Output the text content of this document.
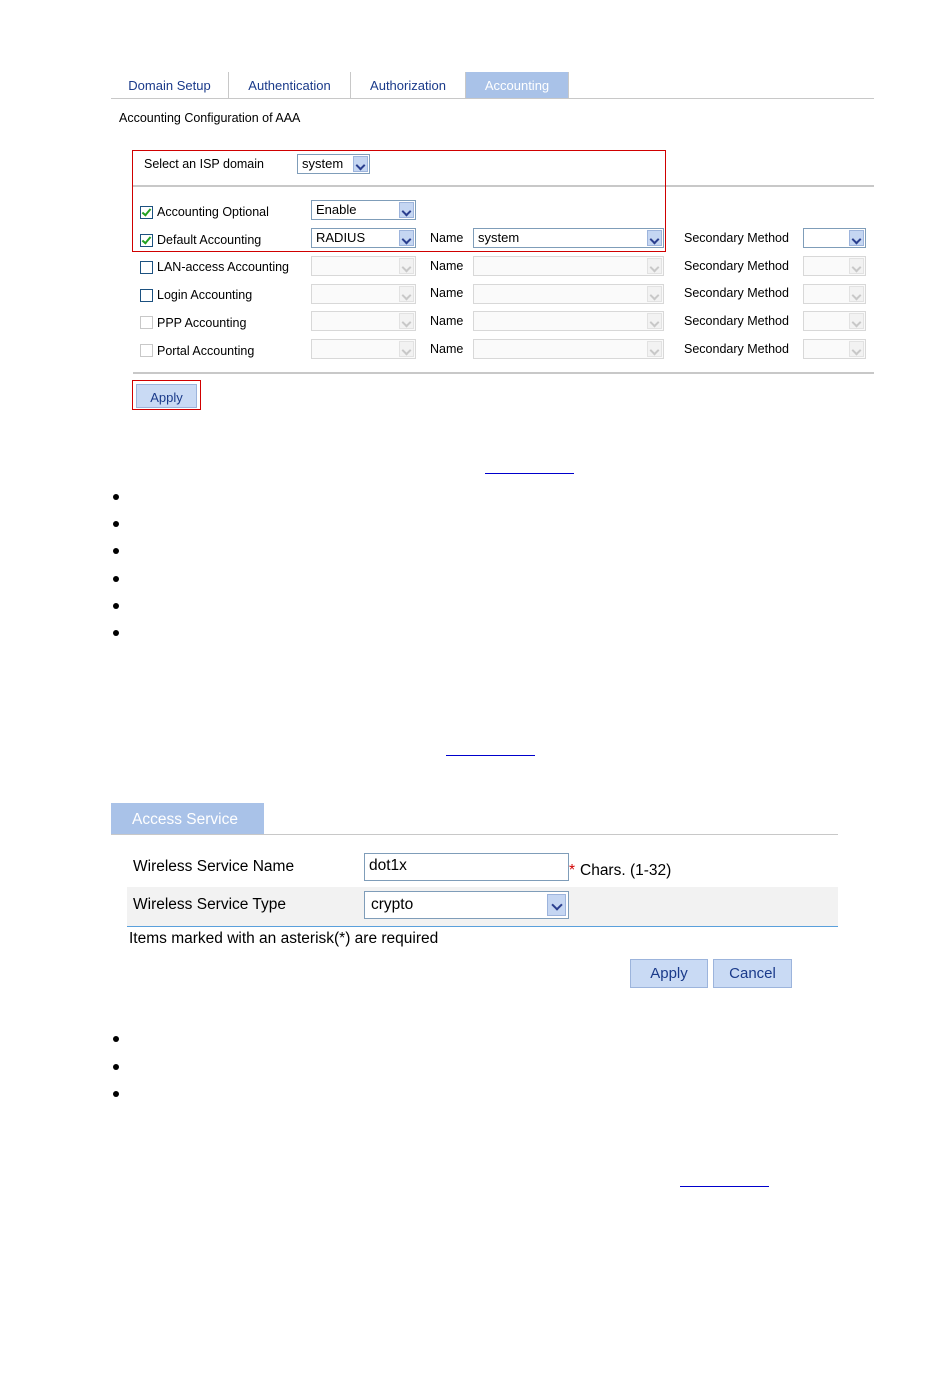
Domain Setup	Authentication	Authorization	Accounting
Accounting Configuration of AAA
Select an ISP domain	system
Accounting Optional	Enable
Default Accounting	RADIUS	Name	system	Secondary Method
LAN-access Accounting	Name	Secondary Method
Login Accounting	Name	Secondary Method
PPP Accounting	Name	Secondary Method
Portal Accounting	Name	Secondary Method
Apply
Access Service
Wireless Service Name	dot1x	* Chars. (1-32)
Wireless Service Type	crypto
Items marked with an asterisk(*) are required
Apply	Cancel
